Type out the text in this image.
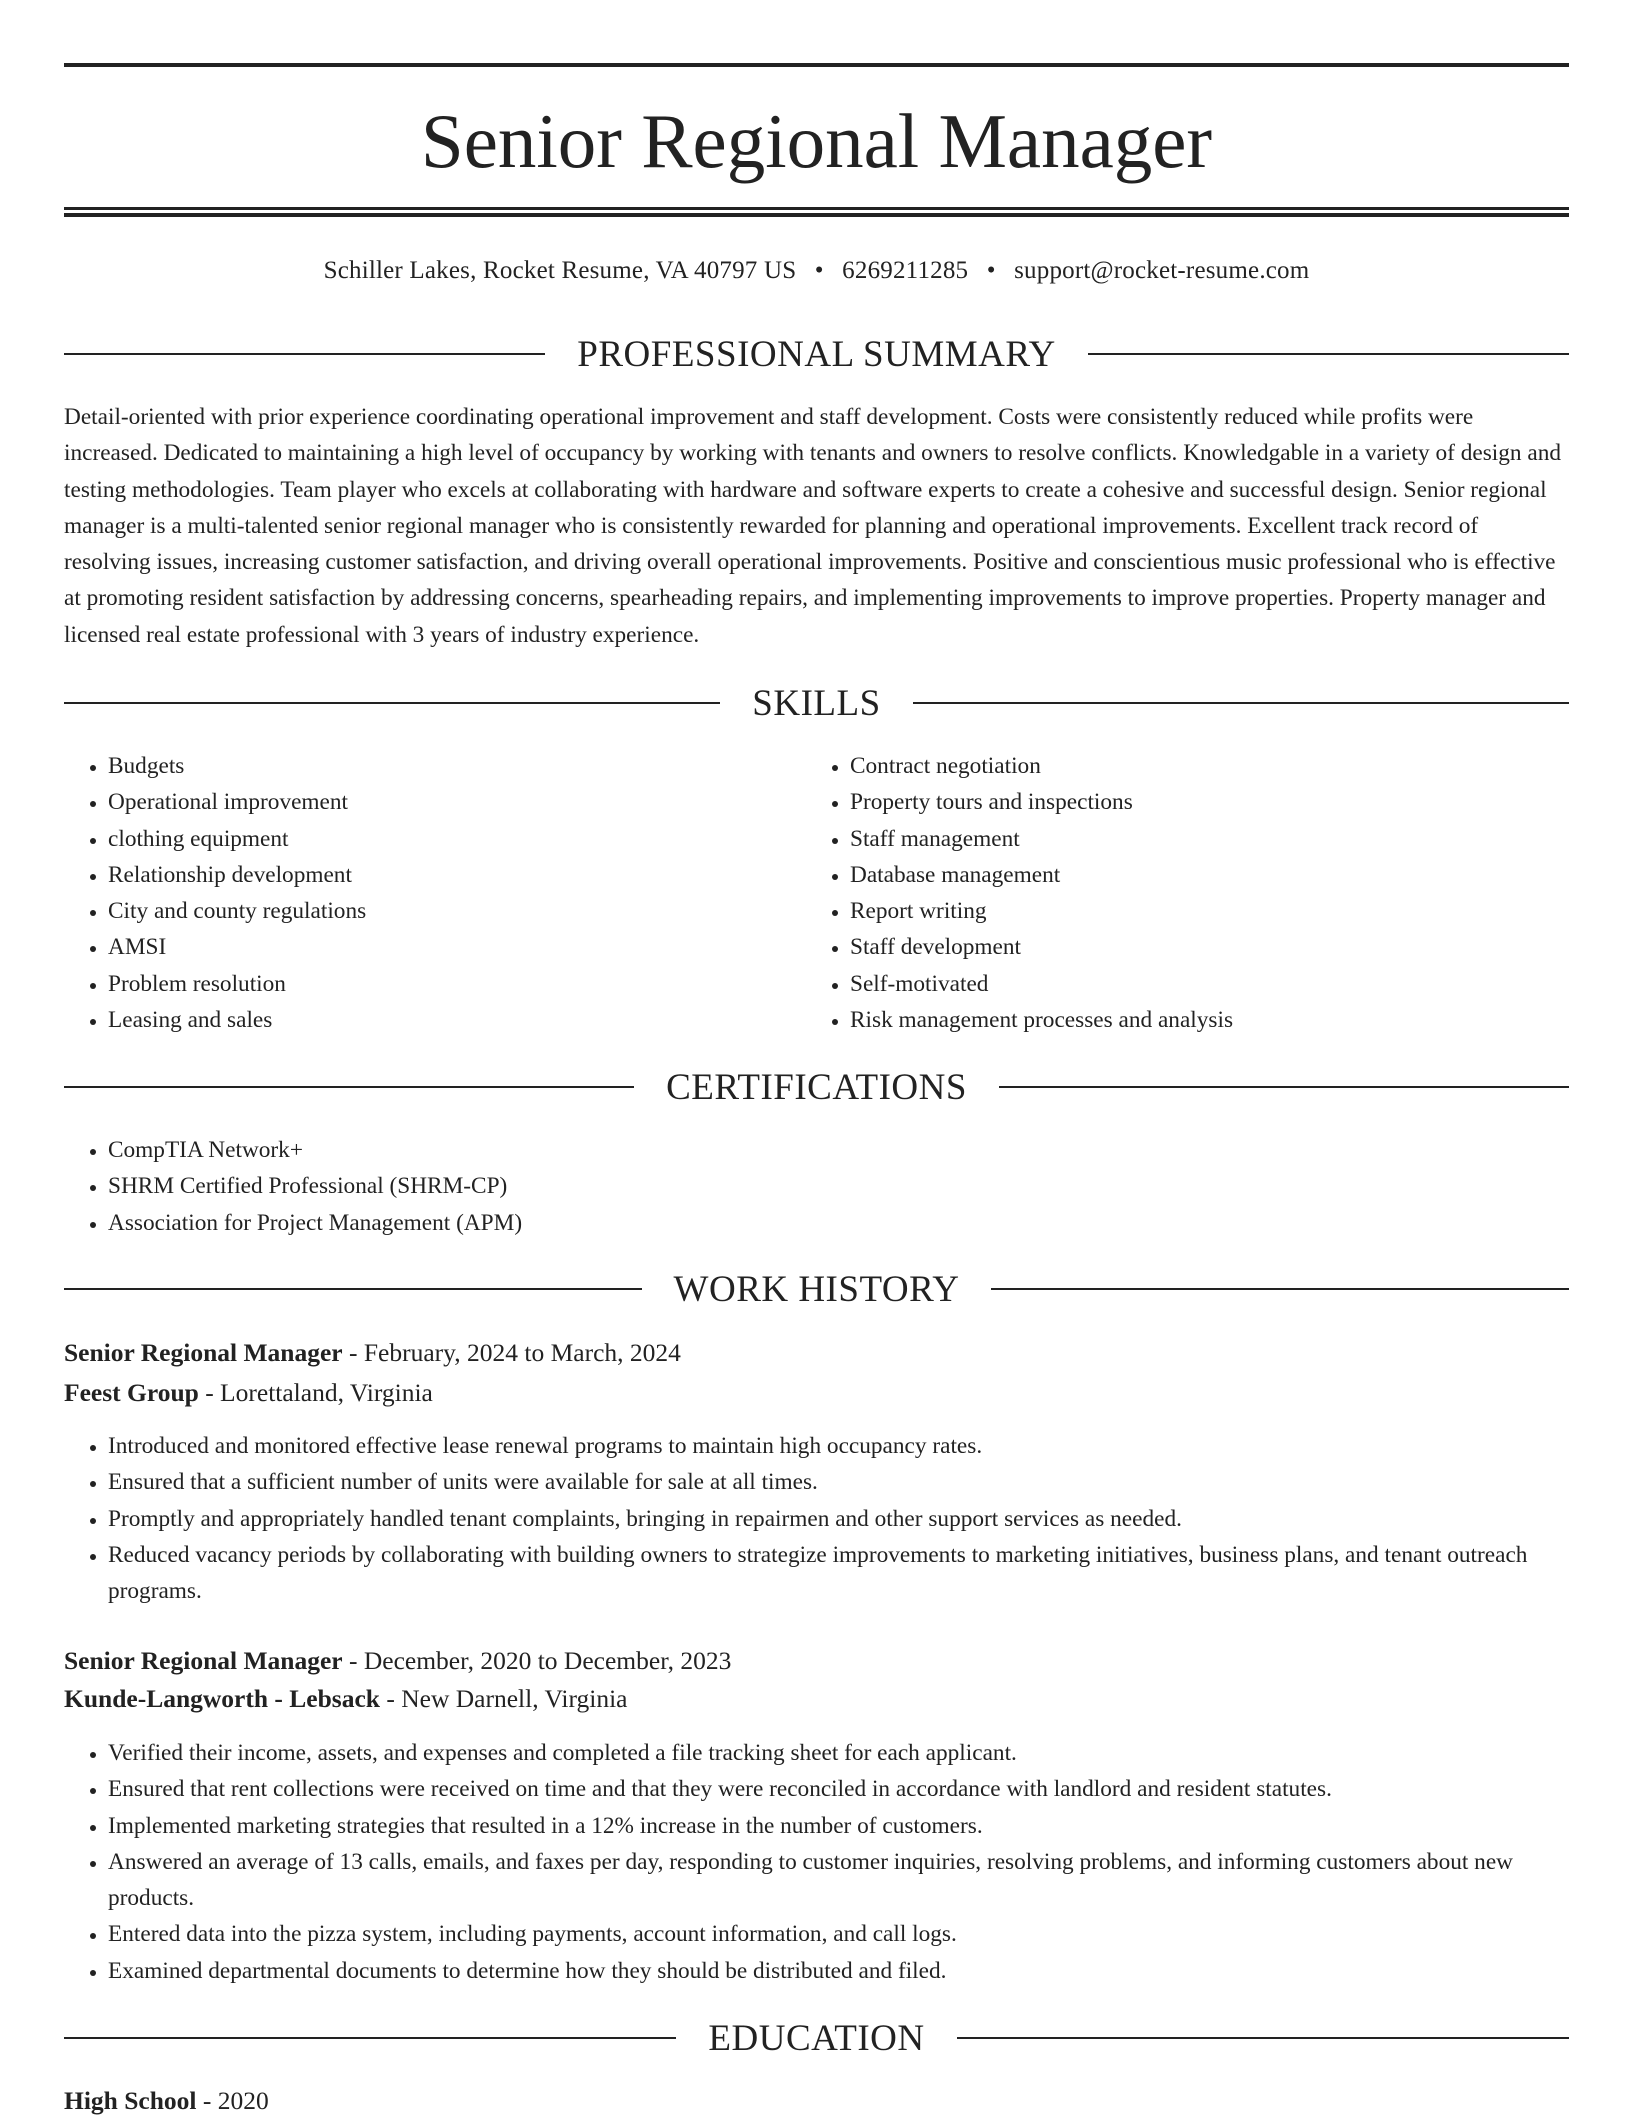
Senior Regional Manager
Schiller Lakes, Rocket Resume, VA 40797 US • 6269211285 • support@rocket-resume.com
PROFESSIONAL SUMMARY

Detail-oriented with prior experience coordinating operational improvement and staff development. Costs were consistently reduced while profits were increased. Dedicated to maintaining a high level of occupancy by working with tenants and owners to resolve conflicts. Knowledgable in a variety of design and testing methodologies. Team player who excels at collaborating with hardware and software experts to create a cohesive and successful design. Senior regional manager is a multi-talented senior regional manager who is consistently rewarded for planning and operational improvements. Excellent track record of resolving issues, increasing customer satisfaction, and driving overall operational improvements. Positive and conscientious music professional who is effective at promoting resident satisfaction by addressing concerns, spearheading repairs, and implementing improvements to improve properties. Property manager and licensed real estate professional with 3 years of industry experience.

SKILLS
• Budgets
• Operational improvement
• clothing equipment
• Relationship development
• City and county regulations
• AMSI
• Problem resolution
• Leasing and sales
• Contract negotiation
• Property tours and inspections
• Staff management
• Database management
• Report writing
• Staff development
• Self-motivated
• Risk management processes and analysis
CERTIFICATIONS
• CompTIA Network+
• SHRM Certified Professional (SHRM-CP)
• Association for Project Management (APM)
WORK HISTORY
Senior Regional Manager - February, 2024 to March, 2024
Feest Group - Lorettaland, Virginia
• Introduced and monitored effective lease renewal programs to maintain high occupancy rates.
• Ensured that a sufficient number of units were available for sale at all times.
• Promptly and appropriately handled tenant complaints, bringing in repairmen and other support services as needed.
• Reduced vacancy periods by collaborating with building owners to strategize improvements to marketing initiatives, business plans, and tenant outreach programs.
Senior Regional Manager - December, 2020 to December, 2023
Kunde-Langworth - Lebsack - New Darnell, Virginia
• Verified their income, assets, and expenses and completed a file tracking sheet for each applicant.
• Ensured that rent collections were received on time and that they were reconciled in accordance with landlord and resident statutes.
• Implemented marketing strategies that resulted in a 12% increase in the number of customers.
• Answered an average of 13 calls, emails, and faxes per day, responding to customer inquiries, resolving problems, and informing customers about new products.
• Entered data into the pizza system, including payments, account information, and call logs.
• Examined departmental documents to determine how they should be distributed and filed.
EDUCATION
High School - 2020
